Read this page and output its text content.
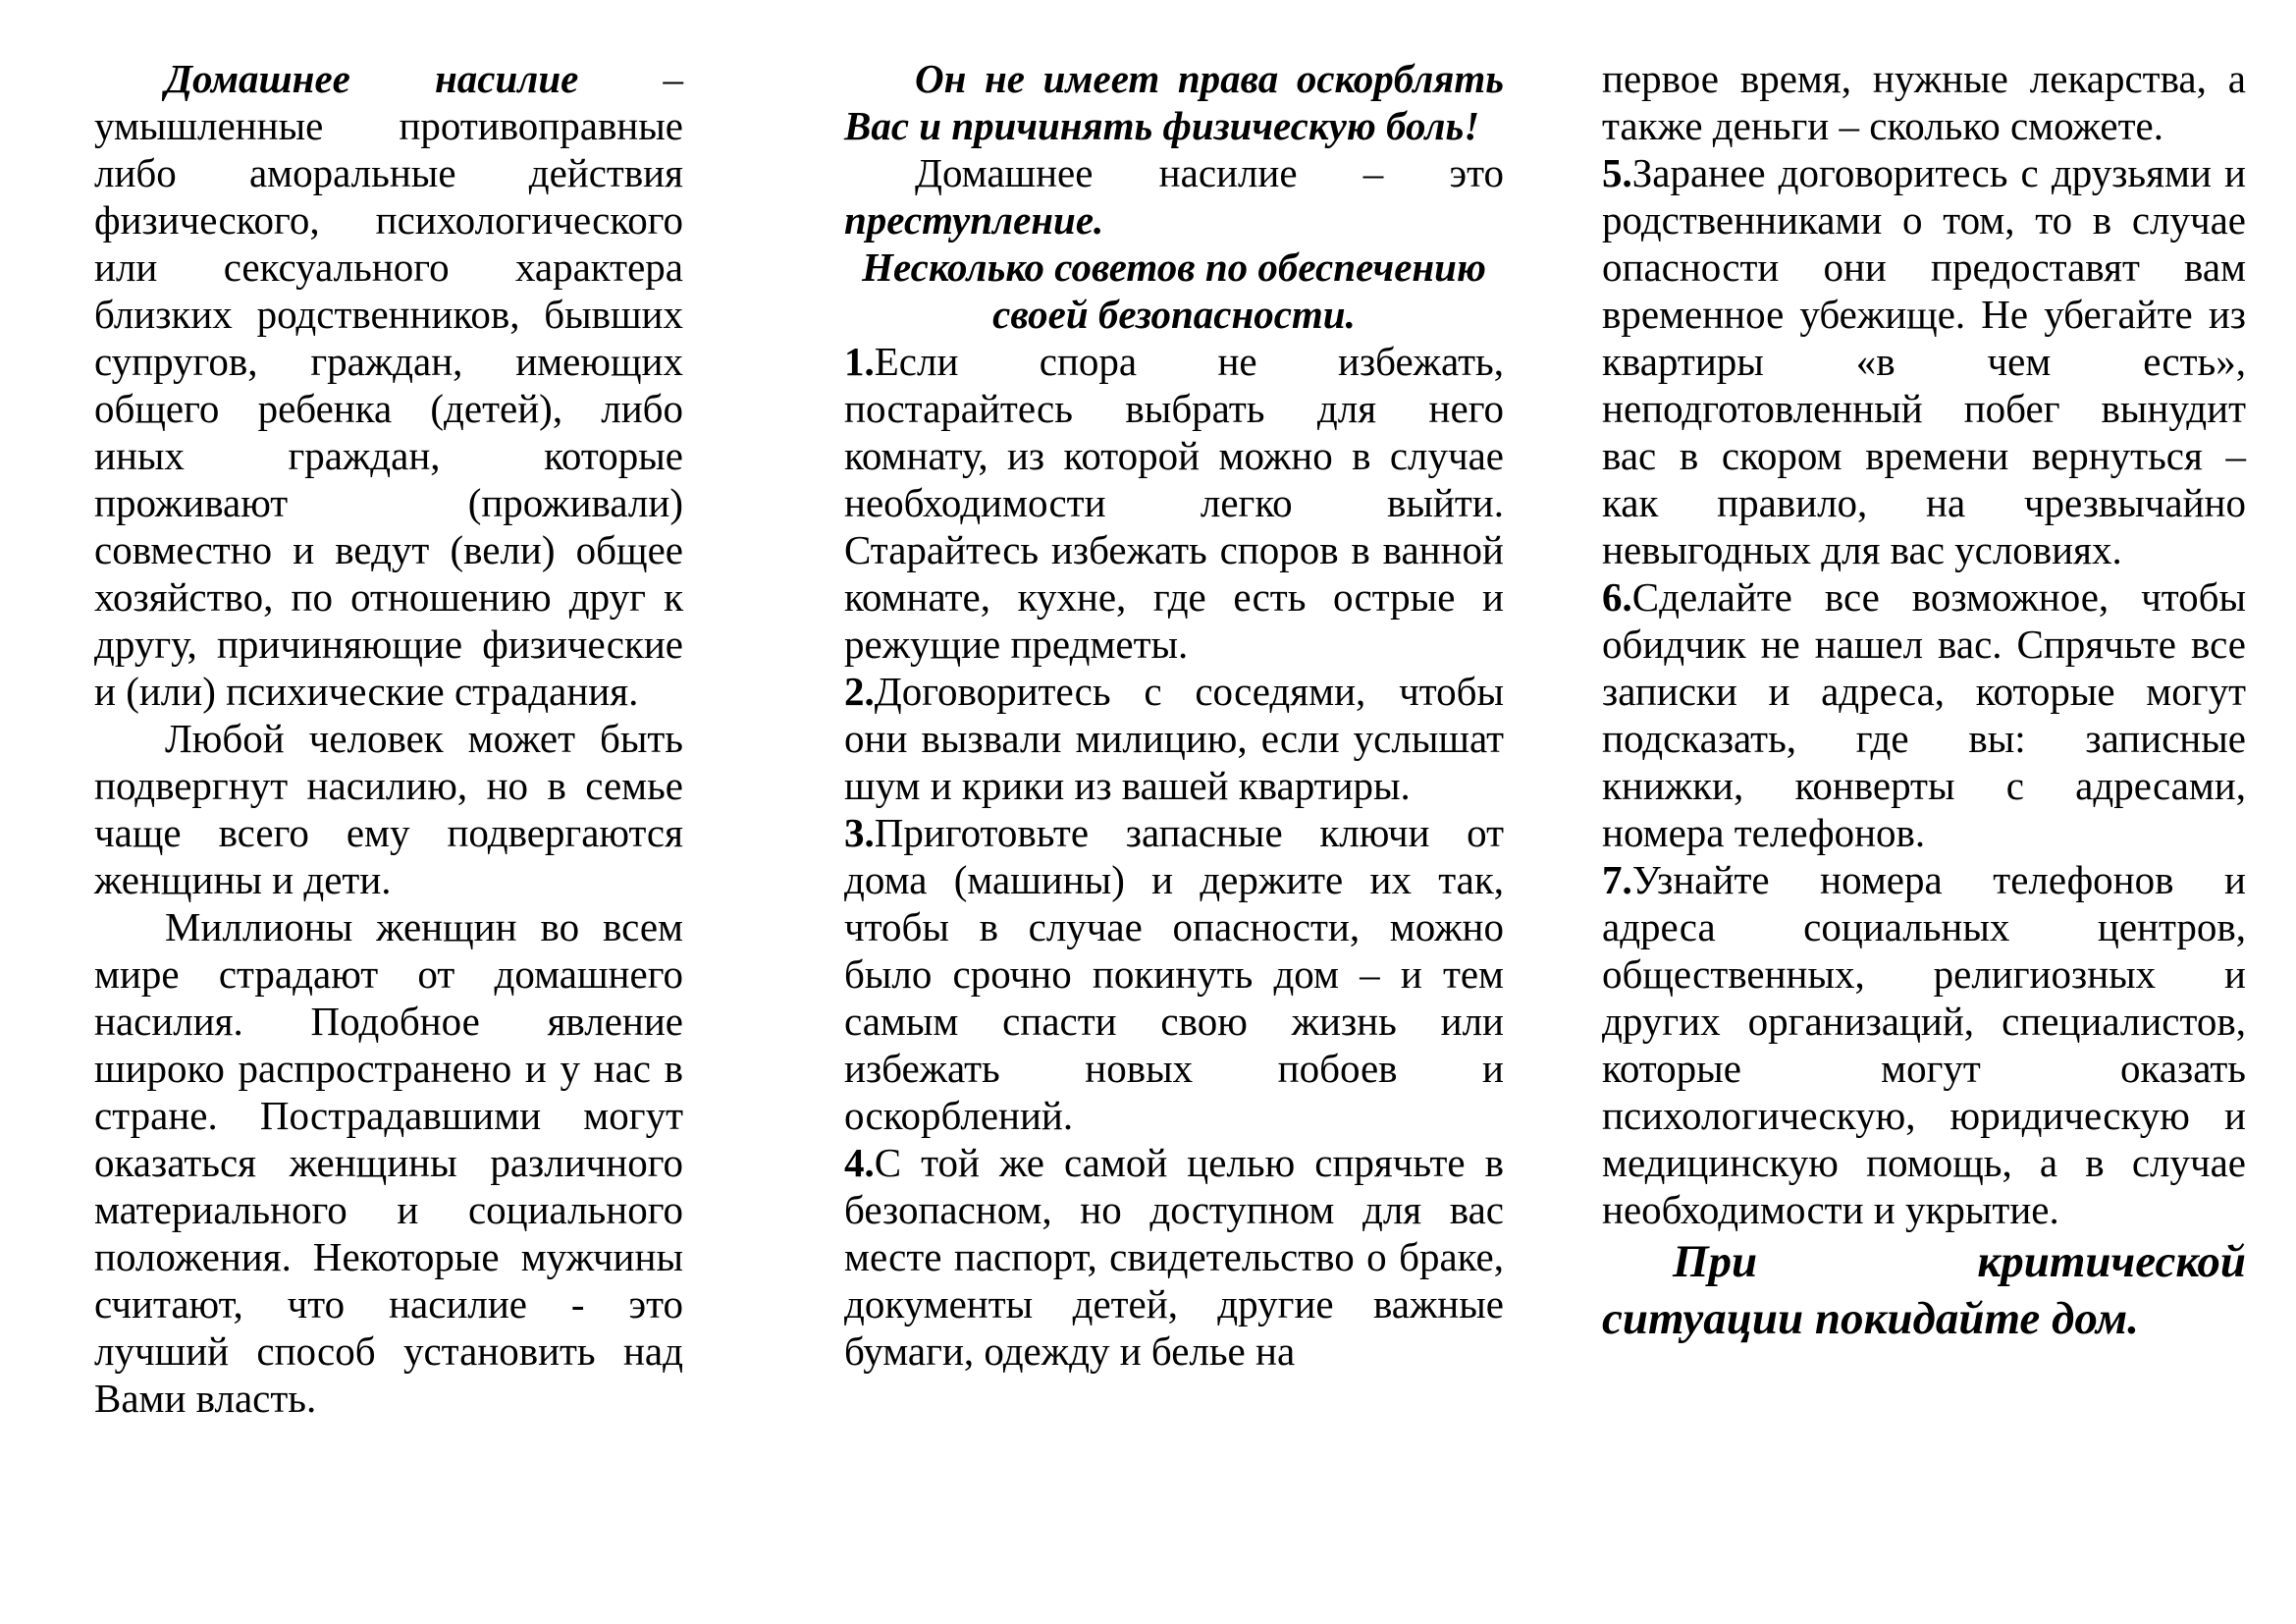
Домашнее насилие – умышленные противоправные либо аморальные действия физического, психологического или сексуального характера близких родственников, бывших супругов, граждан, имеющих общего ребенка (детей), либо иных граждан, которые проживают (проживали) совместно и ведут (вели) общее хозяйство, по отношению друг к другу, причиняющие физические и (или) психические страдания.

Любой человек может быть подвергнут насилию, но в семье чаще всего ему подвергаются женщины и дети.

Миллионы женщин во всем мире страдают от домашнего насилия. Подобное явление широко распространено и у нас в стране. Пострадавшими могут оказаться женщины различного материального и социального положения. Некоторые мужчины считают, что насилие - это лучший способ установить над Вами власть.

Он не имеет права оскорблять Вас и причинять физическую боль!

Домашнее насилие – это преступление.

Несколько советов по обеспечению своей безопасности.

1.Если спора не избежать, постарайтесь выбрать для него комнату, из которой можно в случае необходимости легко выйти. Старайтесь избежать споров в ванной комнате, кухне, где есть острые и режущие предметы.

2.Договоритесь с соседями, чтобы они вызвали милицию, если услышат шум и крики из вашей квартиры.

3.Приготовьте запасные ключи от дома (машины) и держите их так, чтобы в случае опасности, можно было срочно покинуть дом – и тем самым спасти свою жизнь или избежать новых побоев и оскорблений.

4.С той же самой целью спрячьте в безопасном, но доступном для вас месте паспорт, свидетельство о браке, документы детей, другие важные бумаги, одежду и белье на

первое время, нужные лекарства, а также деньги – сколько сможете.

5.Заранее договоритесь с друзьями и родственниками о том, то в случае опасности они предоставят вам временное убежище. Не убегайте из квартиры «в чем есть», неподготовленный побег вынудит вас в скором времени вернуться – как правило, на чрезвычайно невыгодных для вас условиях.

6.Сделайте все возможное, чтобы обидчик не нашел вас. Спрячьте все записки и адреса, которые могут подсказать, где вы: записные книжки, конверты с адресами, номера телефонов.

7.Узнайте номера телефонов и адреса социальных центров, общественных, религиозных и других организаций, специалистов, которые могут оказать психологическую, юридическую и медицинскую помощь, а в случае необходимости и укрытие.

При критической ситуации покидайте дом.
